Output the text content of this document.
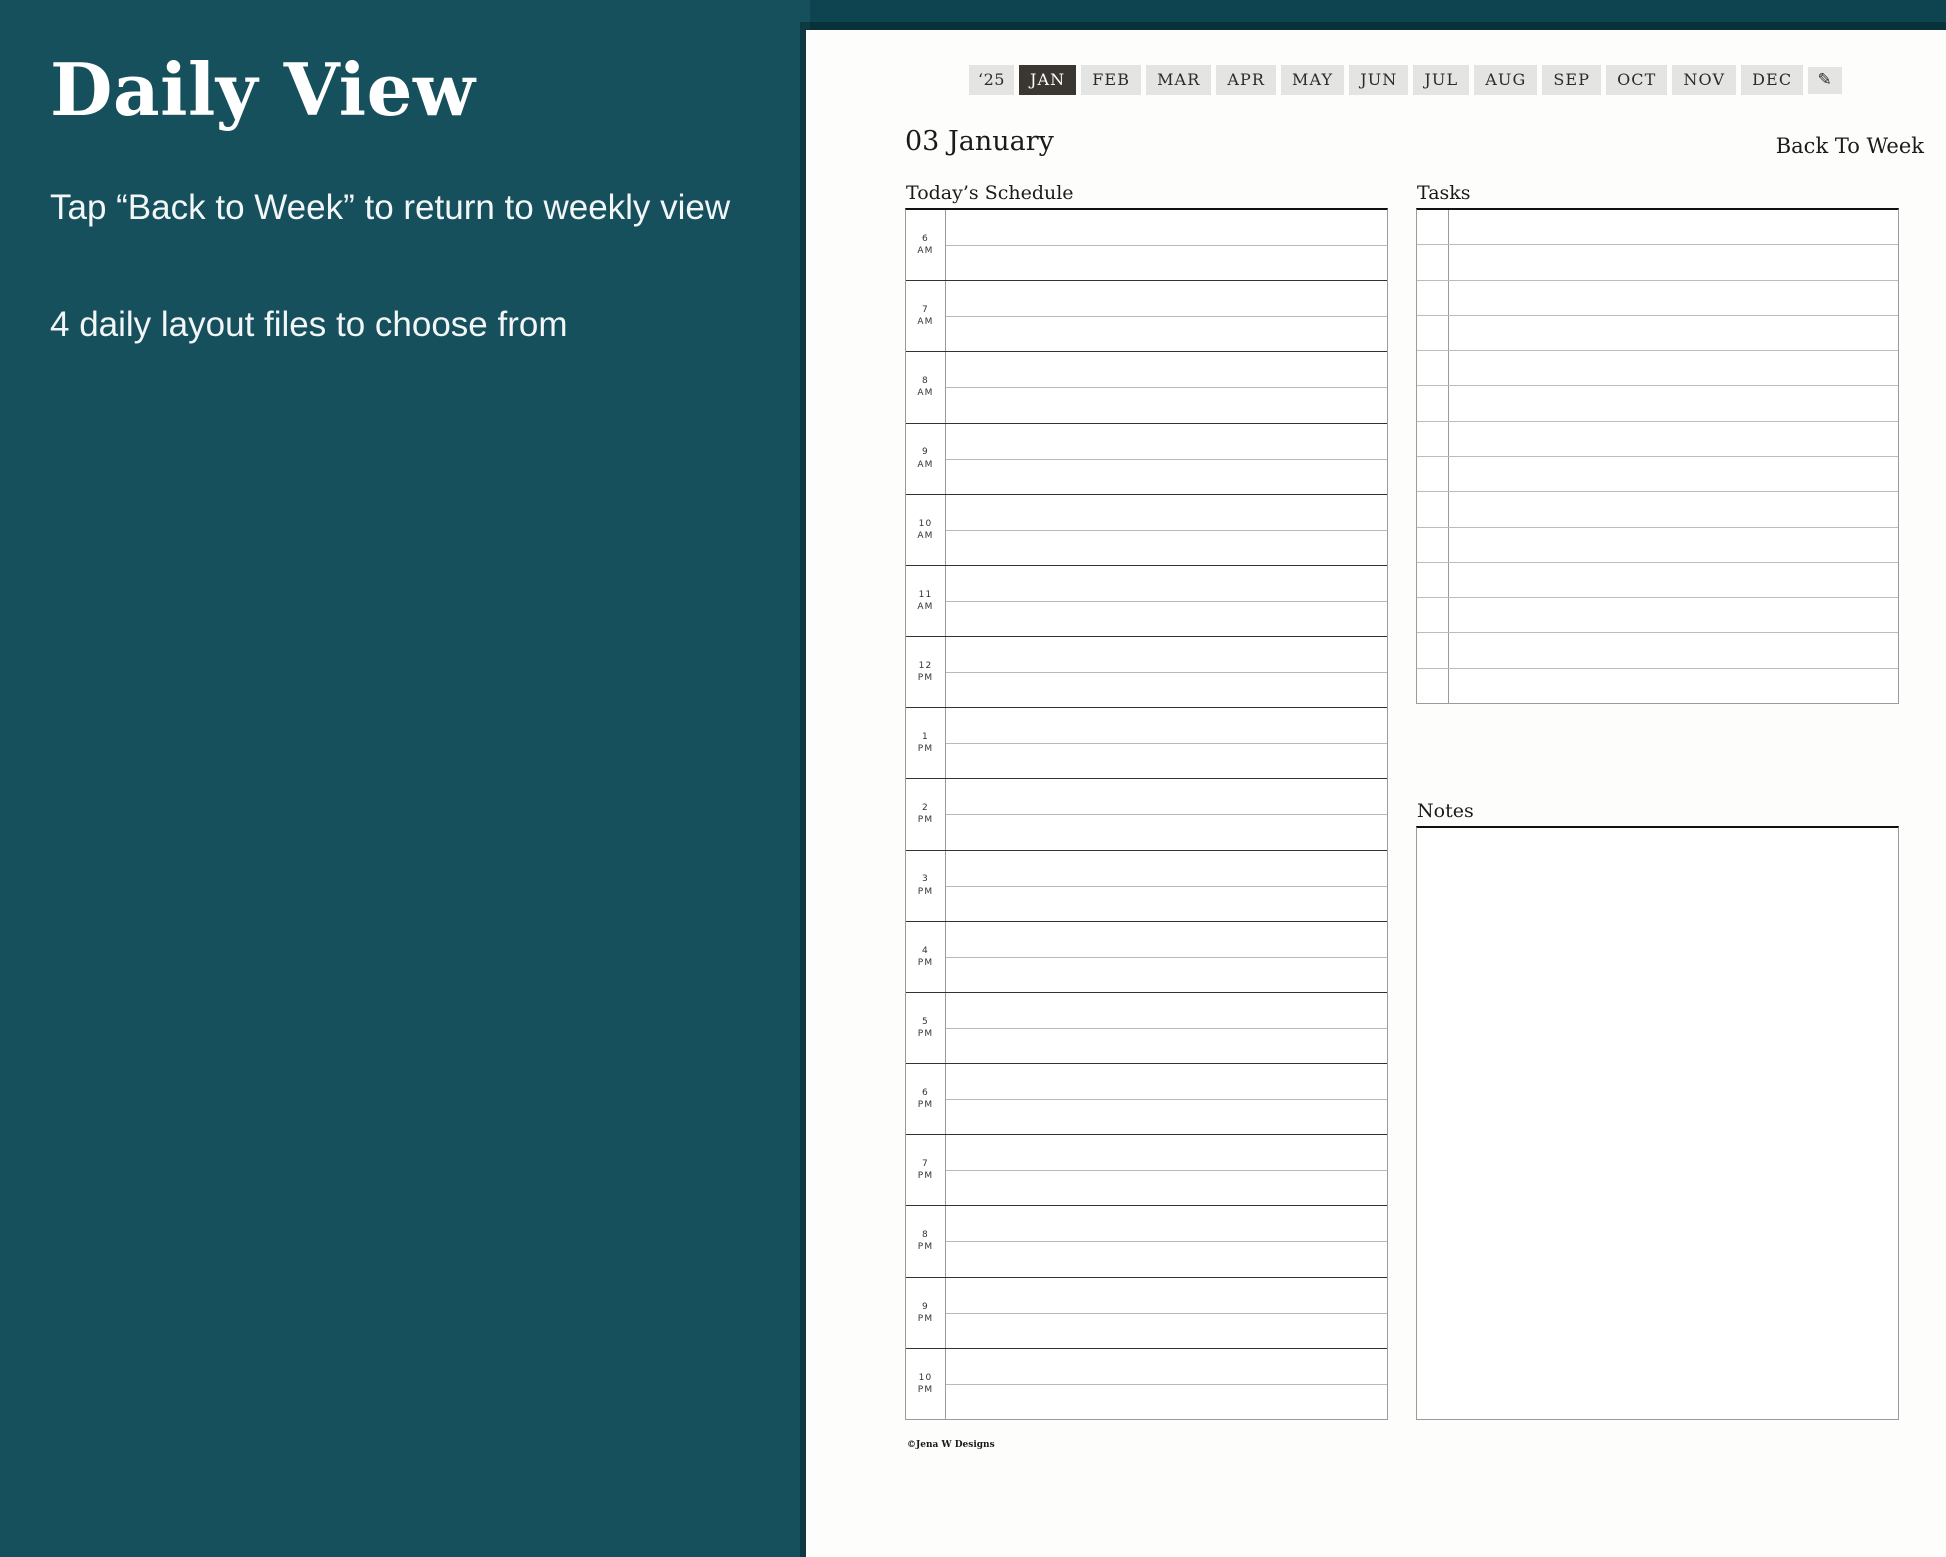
Daily View

Tap “Back to Week” to return to weekly view

4 daily layout files to choose from

‘25	JAN	FEB	MAR	APR	MAY	JUN	JUL	AUG	SEP	OCT	NOV	DEC	✎
03 January	Back To Week
Today’s Schedule	Tasks
Notes
6
AM
7
AM
8
AM
9
AM
10
AM
11
AM
12
PM
1
PM
2
PM
3
PM
4
PM
5
PM
6
PM
7
PM
8
PM
9
PM
10
PM
©Jena W Designs
